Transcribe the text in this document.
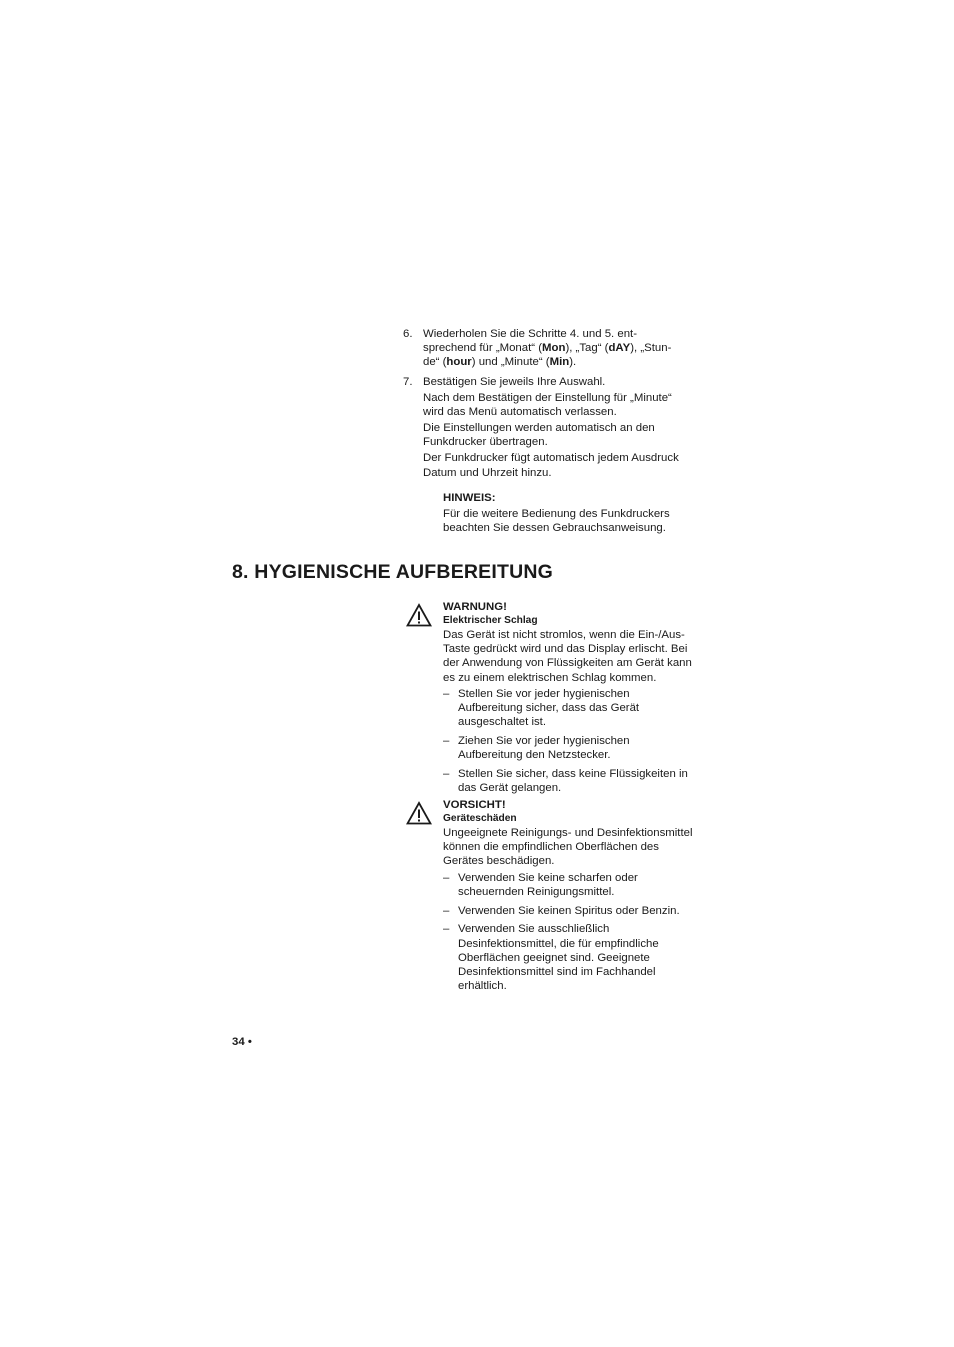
6. Wiederholen Sie die Schritte 4. und 5. ent-
sprechend für „Monat“ (Mon), „Tag“ (dAY), „Stun-
de“ (hour) und „Minute“ (Min).
7. Bestätigen Sie jeweils Ihre Auswahl.

Nach dem Bestätigen der Einstellung für „Minute“ wird das Menü automatisch verlassen.

Die Einstellungen werden automatisch an den Funkdrucker übertragen.

Der Funkdrucker fügt automatisch jedem Ausdruck Datum und Uhrzeit hinzu.

HINWEIS:

Für die weitere Bedienung des Funkdruckers beachten Sie dessen Gebrauchsanweisung.

8. HYGIENISCHE AUFBEREITUNG

WARNUNG!

Elektrischer Schlag

Das Gerät ist nicht stromlos, wenn die Ein-/Aus-Taste gedrückt wird und das Display erlischt. Bei der Anwendung von Flüssigkeiten am Gerät kann es zu einem elektrischen Schlag kommen.

– Stellen Sie vor jeder hygienischen Aufbereitung sicher, dass das Gerät ausgeschaltet ist.
– Ziehen Sie vor jeder hygienischen Aufbereitung den Netzstecker.
– Stellen Sie sicher, dass keine Flüssigkeiten in das Gerät gelangen.

VORSICHT!

Geräteschäden

Ungeeignete Reinigungs- und Desinfektionsmittel können die empfindlichen Oberflächen des Gerätes beschädigen.

– Verwenden Sie keine scharfen oder scheuernden Reinigungsmittel.
– Verwenden Sie keinen Spiritus oder Benzin.
– Verwenden Sie ausschließlich Desinfektionsmittel, die für empfindliche Oberflächen geeignet sind. Geeignete Desinfektionsmittel sind im Fachhandel erhältlich.
34 •
